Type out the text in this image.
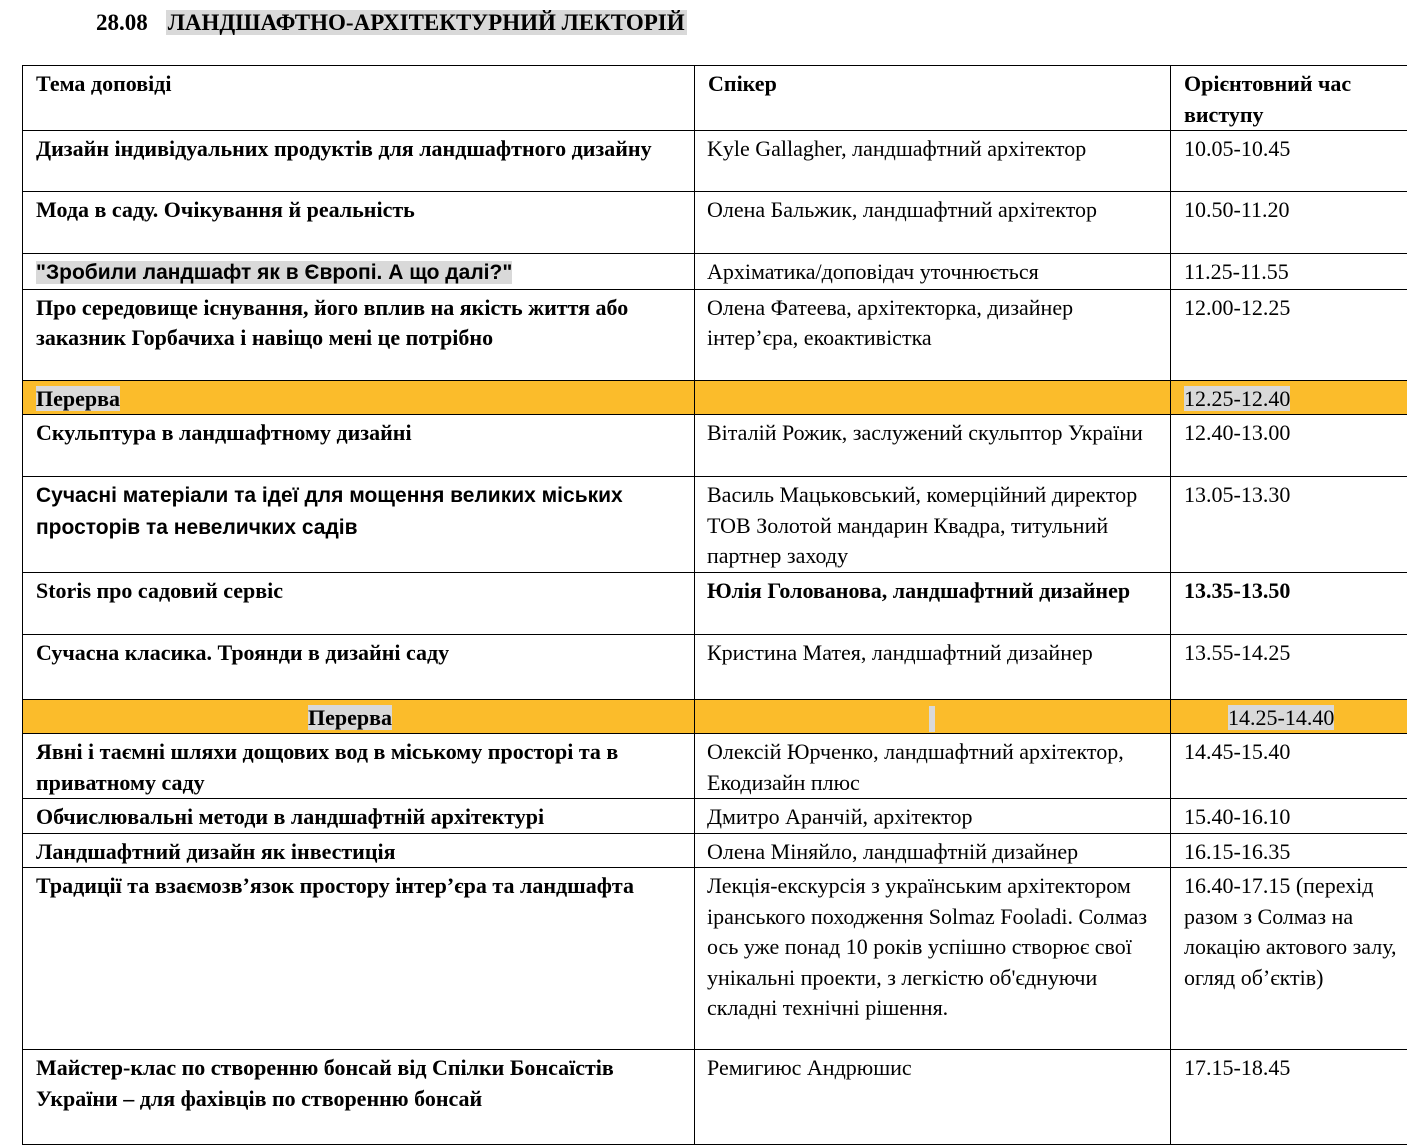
28.08 ЛАНДШАФТНО-АРХІТЕКТУРНИЙ ЛЕКТОРІЙ
Тема доповіді	Спікер	Орієнтовний час виступу
Дизайн індивідуальних продуктів для ландшафтного дизайну	Kyle Gallagher, ландшафтний архітектор	10.05-10.45
Мода в саду. Очікування й реальність	Олена Бальжик, ландшафтний архітектор	10.50-11.20
"Зробили ландшафт як в Європі. А що далі?"	Архіматика/доповідач уточнюється	11.25-11.55
Про середовище існування, його вплив на якість життя або заказник Горбачиха і навіщо мені це потрібно	Олена Фатеева, архітекторка, дизайнер інтер’єра, екоактивістка	12.00-12.25
Перерва		12.25-12.40
Скульптура в ландшафтному дизайні	Віталій Рожик, заслужений скульптор України	12.40-13.00
Сучасні матеріали та ідеї для мощення великих міських просторів та невеличких садів	Василь Мацьковський, комерційний директор ТОВ Золотой мандарин Квадра, титульний партнер заходу	13.05-13.30
Storis про садовий сервіс	Юлія Голованова, ландшафтний дизайнер	13.35-13.50
Сучасна класика. Троянди в дизайні саду	Кристина Матея, ландшафтний дизайнер	13.55-14.25
Перерва		14.25-14.40
Явні і таємні шляхи дощових вод в міському просторі та в приватному саду	Олексій Юрченко, ландшафтний архітектор, Екодизайн плюс	14.45-15.40
Обчислювальні методи в ландшафтній архітектурі	Дмитро Аранчій, архітектор	15.40-16.10
Ландшафтний дизайн як інвестиція	Олена Міняйло, ландшафтній дизайнер	16.15-16.35
Традиції та взаємозв’язок простору інтер’єра та ландшафта	Лекція-екскурсія з українським архітектором іранського походження Solmaz Fooladi. Солмаз ось уже понад 10 років успішно створює свої унікальні проекти, з легкістю об'єднуючи складні технічні рішення.	16.40-17.15 (перехід разом з Солмаз на локацію актового залу, огляд об’єктів)
Майстер-клас по створенню бонсай від Спілки Бонсаїстів України – для фахівців по створенню бонсай	Ремигиюс Андрюшис	17.15-18.45
